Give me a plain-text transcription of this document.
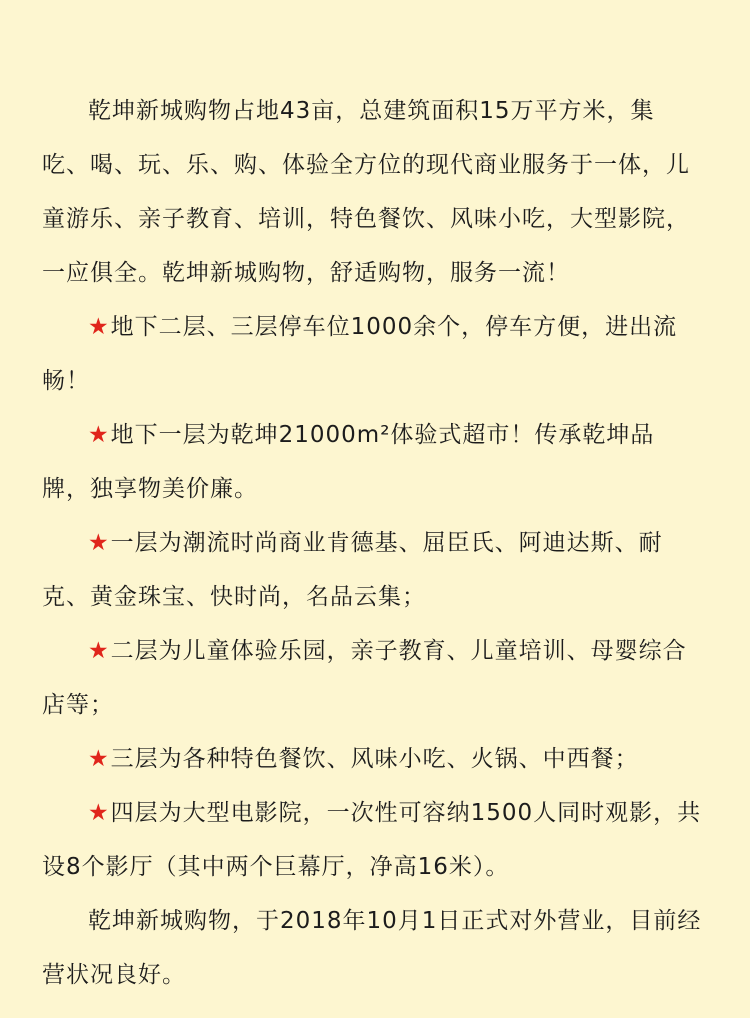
乾坤新城购物占地43亩，总建筑面积15万平方米，集吃、喝、玩、乐、购、体验全方位的现代商业服务于一体，儿童游乐、亲子教育、培训，特色餐饮、风味小吃，大型影院，一应俱全。乾坤新城购物，舒适购物，服务一流！

★地下二层、三层停车位1000余个，停车方便，进出流畅！

★地下一层为乾坤21000m²体验式超市！传承乾坤品牌，独享物美价廉。

★一层为潮流时尚商业肯德基、屈臣氏、阿迪达斯、耐克、黄金珠宝、快时尚，名品云集；

★二层为儿童体验乐园，亲子教育、儿童培训、母婴综合店等；

★三层为各种特色餐饮、风味小吃、火锅、中西餐；

★四层为大型电影院，一次性可容纳1500人同时观影，共设8个影厅（其中两个巨幕厅，净高16米）。

乾坤新城购物，于2018年10月1日正式对外营业，目前经营状况良好。
